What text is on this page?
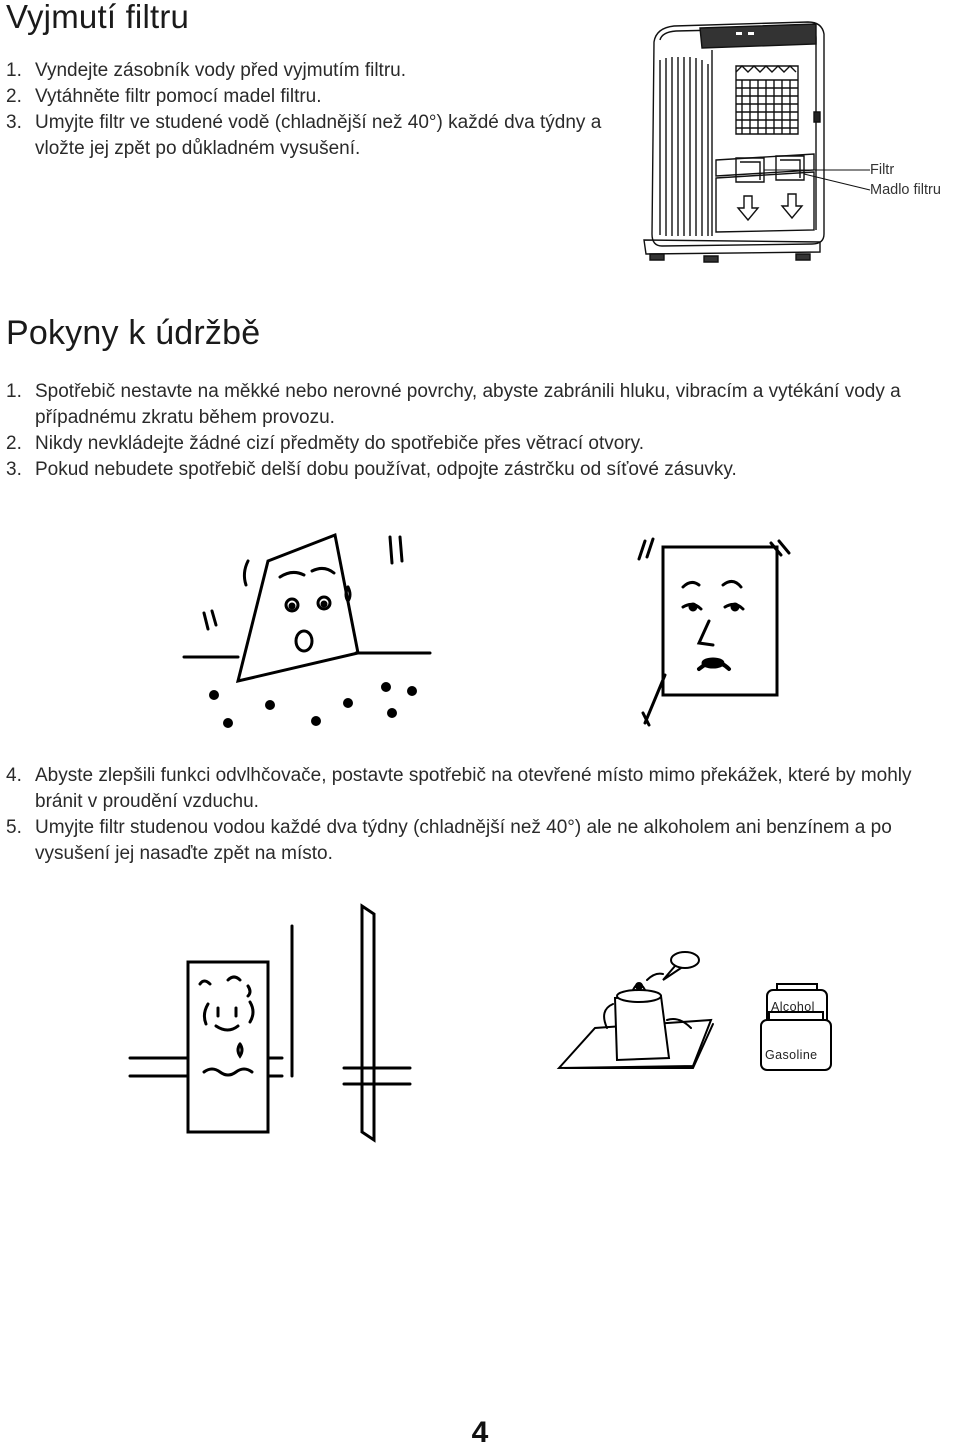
Vyjmutí filtru
1. Vyndejte zásobník vody před vyjmutím filtru.
2. Vytáhněte filtr pomocí madel filtru.
3. Umyjte filtr ve studené vodě (chladnější než 40°) každé dva týdny a vložte jej zpět po důkladném vysušení.
Filtr
Madlo filtru
Pokyny k údržbě
1. Spotřebič nestavte na měkké nebo nerovné povrchy, abyste zabránili hluku, vibracím a vytékání vody a případnému zkratu během provozu.
2. Nikdy nevkládejte žádné cizí předměty do spotřebiče přes větrací otvory.
3. Pokud nebudete spotřebič delší dobu používat, odpojte zástrčku od síťové zásuvky.
4. Abyste zlepšili funkci odvlhčovače, postavte spotřebič na otevřené místo mimo překážek, které by mohly bránit v proudění vzduchu.
5. Umyjte filtr studenou vodou každé dva týdny (chladnější než 40°) ale ne alkoholem ani benzínem a po vysušení jej nasaďte zpět na místo.
Alcohol
Gasoline
4
